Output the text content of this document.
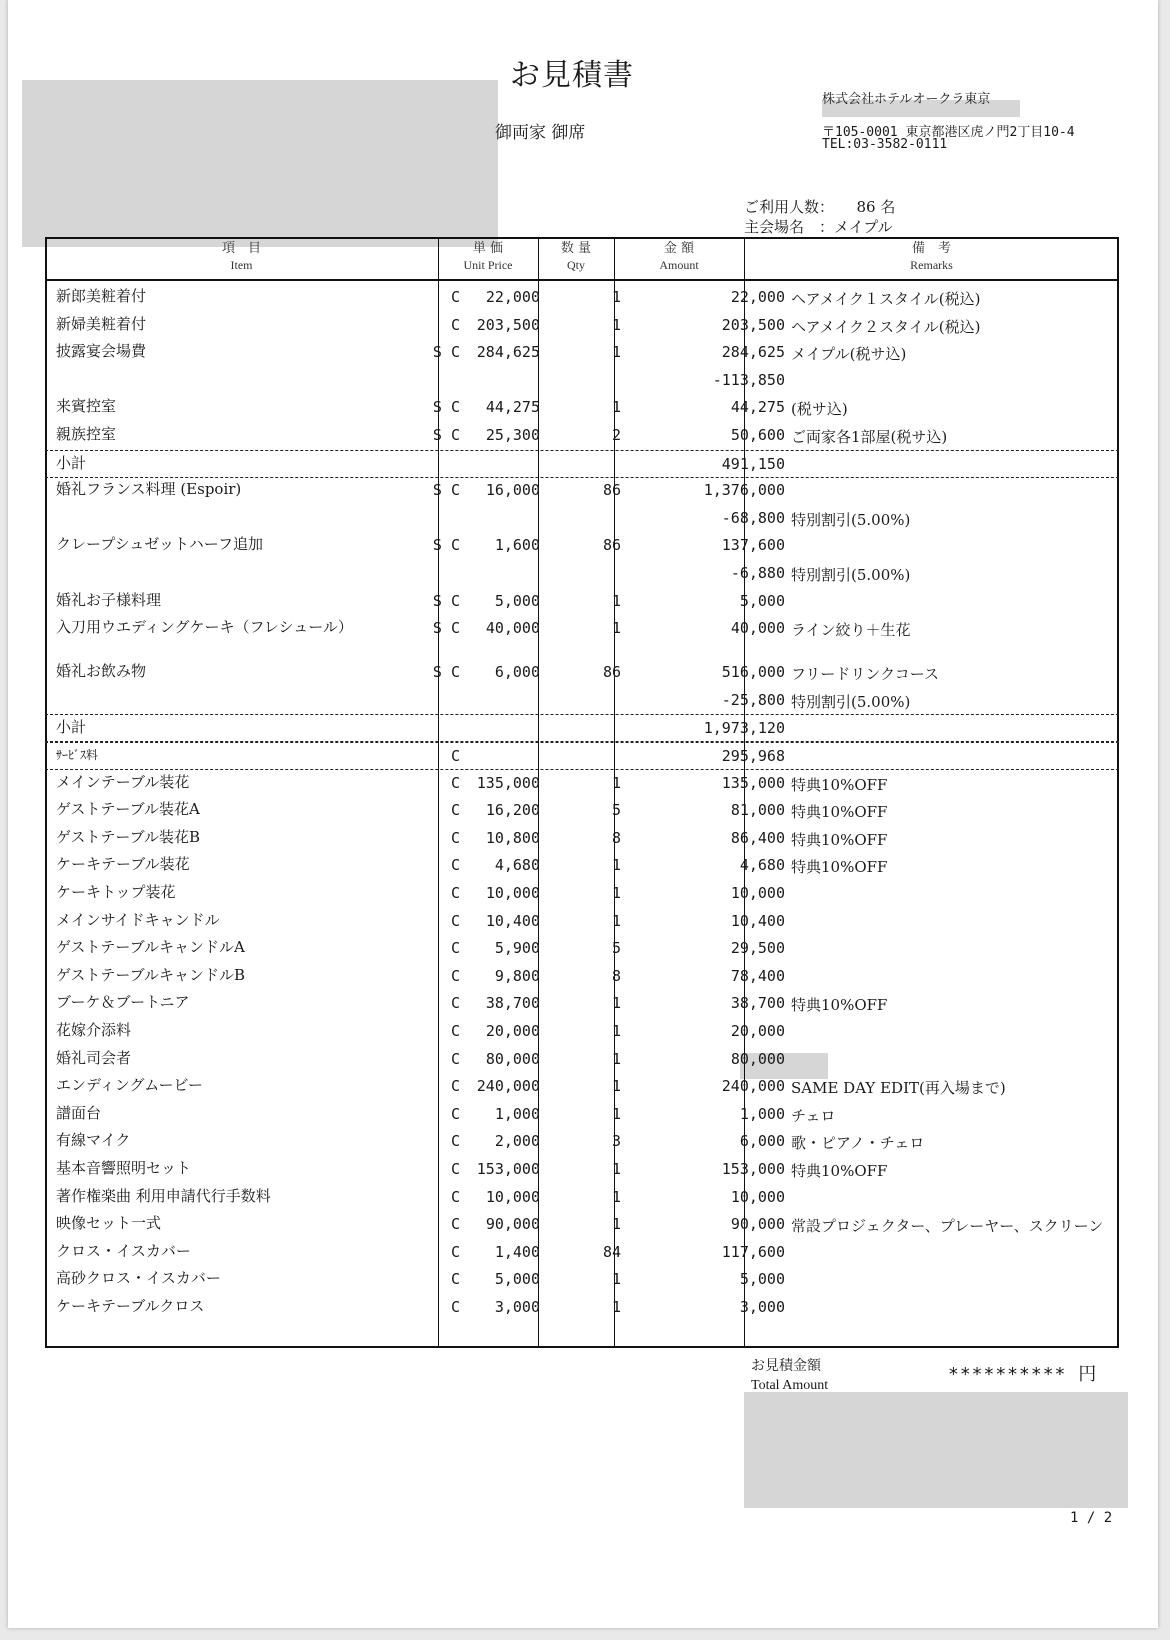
お見積書
御両家 御席
株式会社ホテルオークラ東京
〒105-0001 東京都港区虎ノ門2丁目10-4
TEL:03-3582-0111
ご利用人数：　　86 名
主会場名　：メイプル
項　目
Item
単 価
Unit Price
数 量
Qty
金 額
Amount
備　考
Remarks
新郎美粧着付	C	22,000	1	22,000 ヘアメイク１スタイル(税込)
新婦美粧着付	C	203,500	1	203,500 ヘアメイク２スタイル(税込)
披露宴会場費	S C	284,625	1	284,625 メイプル(税サ込)
-113,850
来賓控室	S C	44,275	1	44,275 (税サ込)
親族控室	S C	25,300	2	50,600 ご両家各1部屋(税サ込)
小計	491,150
婚礼フランス料理 (Espoir)	S C	16,000	86	1,376,000
-68,800 特別割引(5.00%)
クレープシュゼットハーフ追加	S C	1,600	86	137,600
-6,880 特別割引(5.00%)
婚礼お子様料理	S C	5,000	1	5,000
入刀用ウエディングケーキ（フレシュール）	S C	40,000	1	40,000 ライン絞り＋生花
婚礼お飲み物	S C	6,000	86	516,000 フリードリンクコース
-25,800 特別割引(5.00%)
小計	1,973,120
ｻｰﾋﾞｽ料	C	295,968
メインテーブル装花	C	135,000	1	135,000 特典10%OFF
ゲストテーブル装花A	C	16,200	5	81,000 特典10%OFF
ゲストテーブル装花B	C	10,800	8	86,400 特典10%OFF
ケーキテーブル装花	C	4,680	1	4,680 特典10%OFF
ケーキトップ装花	C	10,000	1	10,000
メインサイドキャンドル	C	10,400	1	10,400
ゲストテーブルキャンドルA	C	5,900	5	29,500
ゲストテーブルキャンドルB	C	9,800	8	78,400
ブーケ＆ブートニア	C	38,700	1	38,700 特典10%OFF
花嫁介添料	C	20,000	1	20,000
婚礼司会者	C	80,000	1	80,000
エンディングムービー	C	240,000	1	240,000 SAME DAY EDIT(再入場まで)
譜面台	C	1,000	1	1,000 チェロ
有線マイク	C	2,000	3	6,000 歌・ピアノ・チェロ
基本音響照明セット	C	153,000	1	153,000 特典10%OFF
著作権楽曲 利用申請代行手数料	C	10,000	1	10,000
映像セット一式	C	90,000	1	90,000 常設プロジェクター、プレーヤー、スクリーン
クロス・イスカバー	C	1,400	84	117,600
高砂クロス・イスカバー	C	5,000	1	5,000
ケーキテーブルクロス	C	3,000	1	3,000
お見積金額
Total Amount
********** 円
1 / 2
